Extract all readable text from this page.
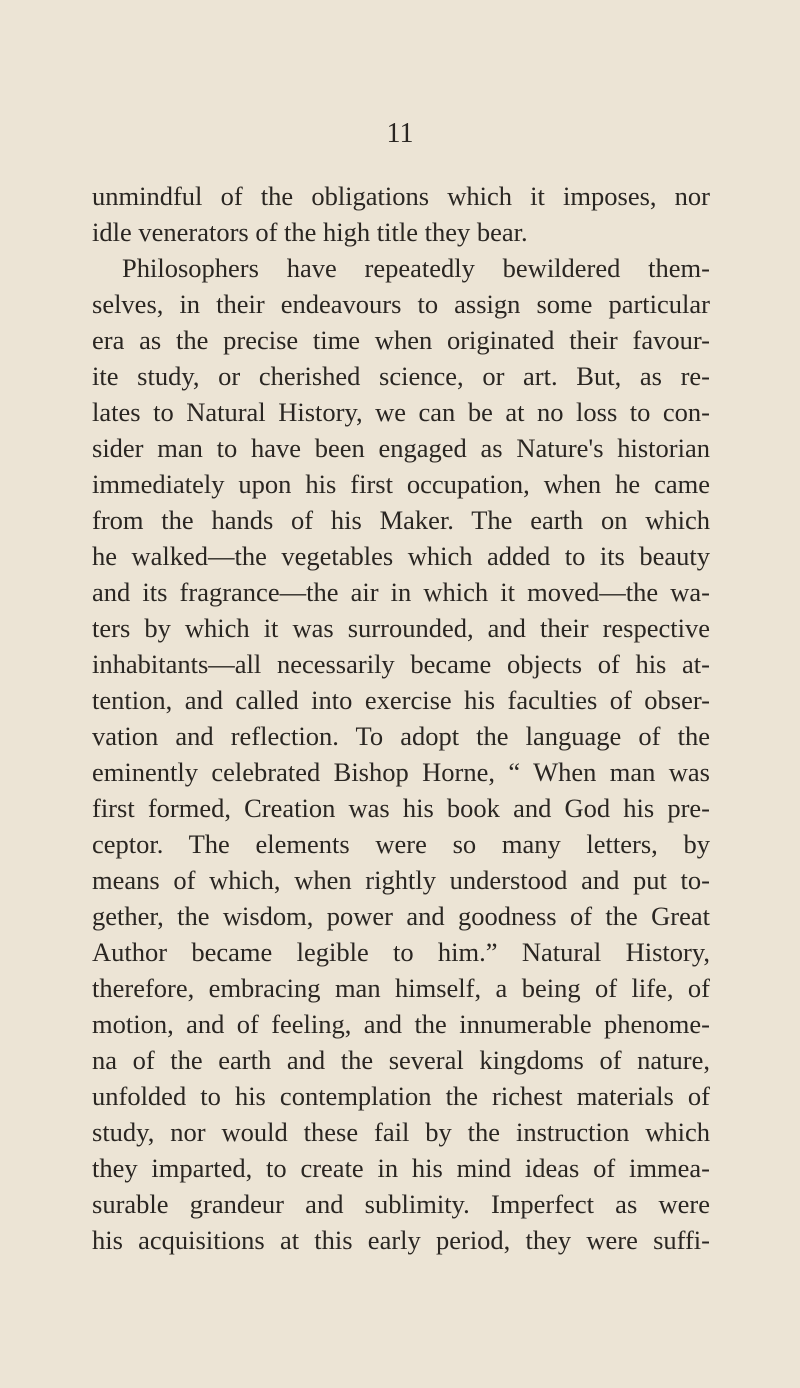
11
unmindful of the obligations which it imposes, nor
idle venerators of the high title they bear.
Philosophers have repeatedly bewildered them-
selves, in their endeavours to assign some particular
era as the precise time when originated their favour-
ite study, or cherished science, or art. But, as re-
lates to Natural History, we can be at no loss to con-
sider man to have been engaged as Nature's historian
immediately upon his first occupation, when he came
from the hands of his Maker. The earth on which
he walked—the vegetables which added to its beauty
and its fragrance—the air in which it moved—the wa-
ters by which it was surrounded, and their respective
inhabitants—all necessarily became objects of his at-
tention, and called into exercise his faculties of obser-
vation and reflection. To adopt the language of the
eminently celebrated Bishop Horne, “ When man was
first formed, Creation was his book and God his pre-
ceptor. The elements were so many letters, by
means of which, when rightly understood and put to-
gether, the wisdom, power and goodness of the Great
Author became legible to him.” Natural History,
therefore, embracing man himself, a being of life, of
motion, and of feeling, and the innumerable phenome-
na of the earth and the several kingdoms of nature,
unfolded to his contemplation the richest materials of
study, nor would these fail by the instruction which
they imparted, to create in his mind ideas of immea-
surable grandeur and sublimity. Imperfect as were
his acquisitions at this early period, they were suffi-
